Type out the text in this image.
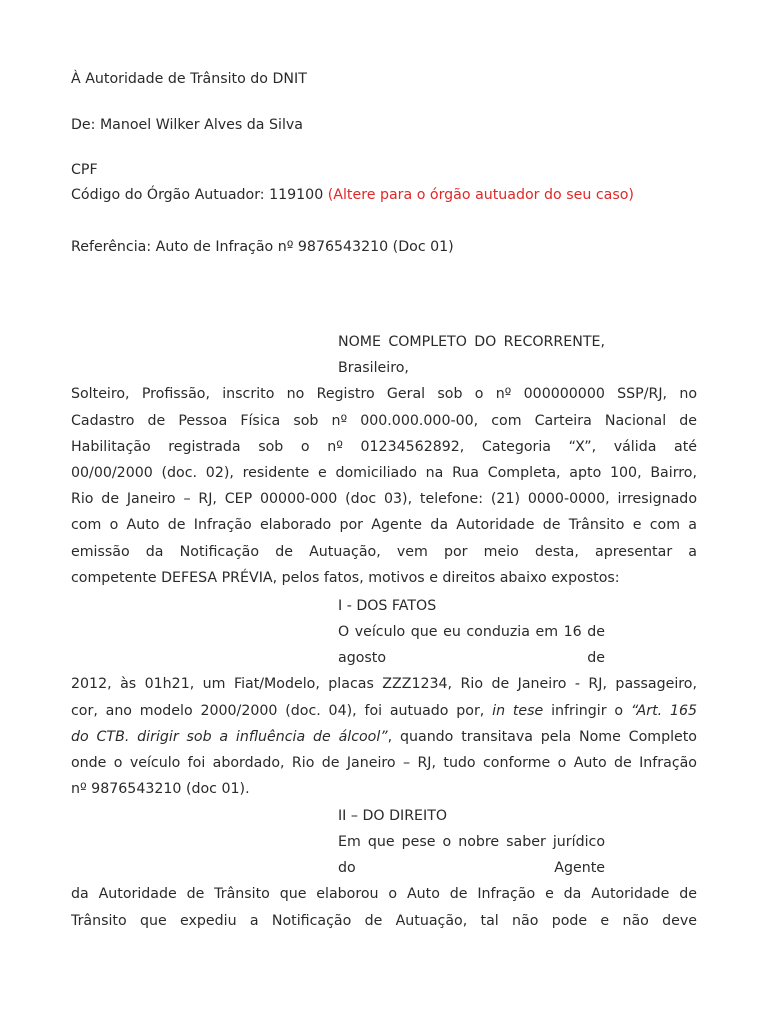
À Autoridade de Trânsito do DNIT
De: Manoel Wilker Alves da Silva
CPF
Código do Órgão Autuador: 119100 (Altere para o órgão autuador do seu caso)
Referência: Auto de Infração nº 9876543210 (Doc 01)
NOME COMPLETO DO RECORRENTE, Brasileiro,
Solteiro, Profissão, inscrito no Registro Geral sob o nº 000000000 SSP/RJ, no
Cadastro de Pessoa Física sob nº 000.000.000-00, com Carteira Nacional de
Habilitação registrada sob o nº 01234562892, Categoria “X”, válida até
00/00/2000 (doc. 02), residente e domiciliado na Rua Completa, apto 100, Bairro,
Rio de Janeiro – RJ, CEP 00000-000 (doc 03), telefone: (21) 0000-0000, irresignado
com o Auto de Infração elaborado por Agente da Autoridade de Trânsito e com a
emissão da Notificação de Autuação, vem por meio desta, apresentar a
competente DEFESA PRÉVIA, pelos fatos, motivos e direitos abaixo expostos:
I - DOS FATOS
O veículo que eu conduzia em 16 de agosto de
2012, às 01h21, um Fiat/Modelo, placas ZZZ1234, Rio de Janeiro - RJ, passageiro,
cor, ano modelo 2000/2000 (doc. 04), foi autuado por, in tese infringir o “Art. 165
do CTB. dirigir sob a influência de álcool”, quando transitava pela Nome Completo
onde o veículo foi abordado, Rio de Janeiro – RJ, tudo conforme o Auto de Infração
nº 9876543210 (doc 01).
II – DO DIREITO
Em que pese o nobre saber jurídico do Agente
da Autoridade de Trânsito que elaborou o Auto de Infração e da Autoridade de
Trânsito que expediu a Notificação de Autuação, tal não pode e não deve
